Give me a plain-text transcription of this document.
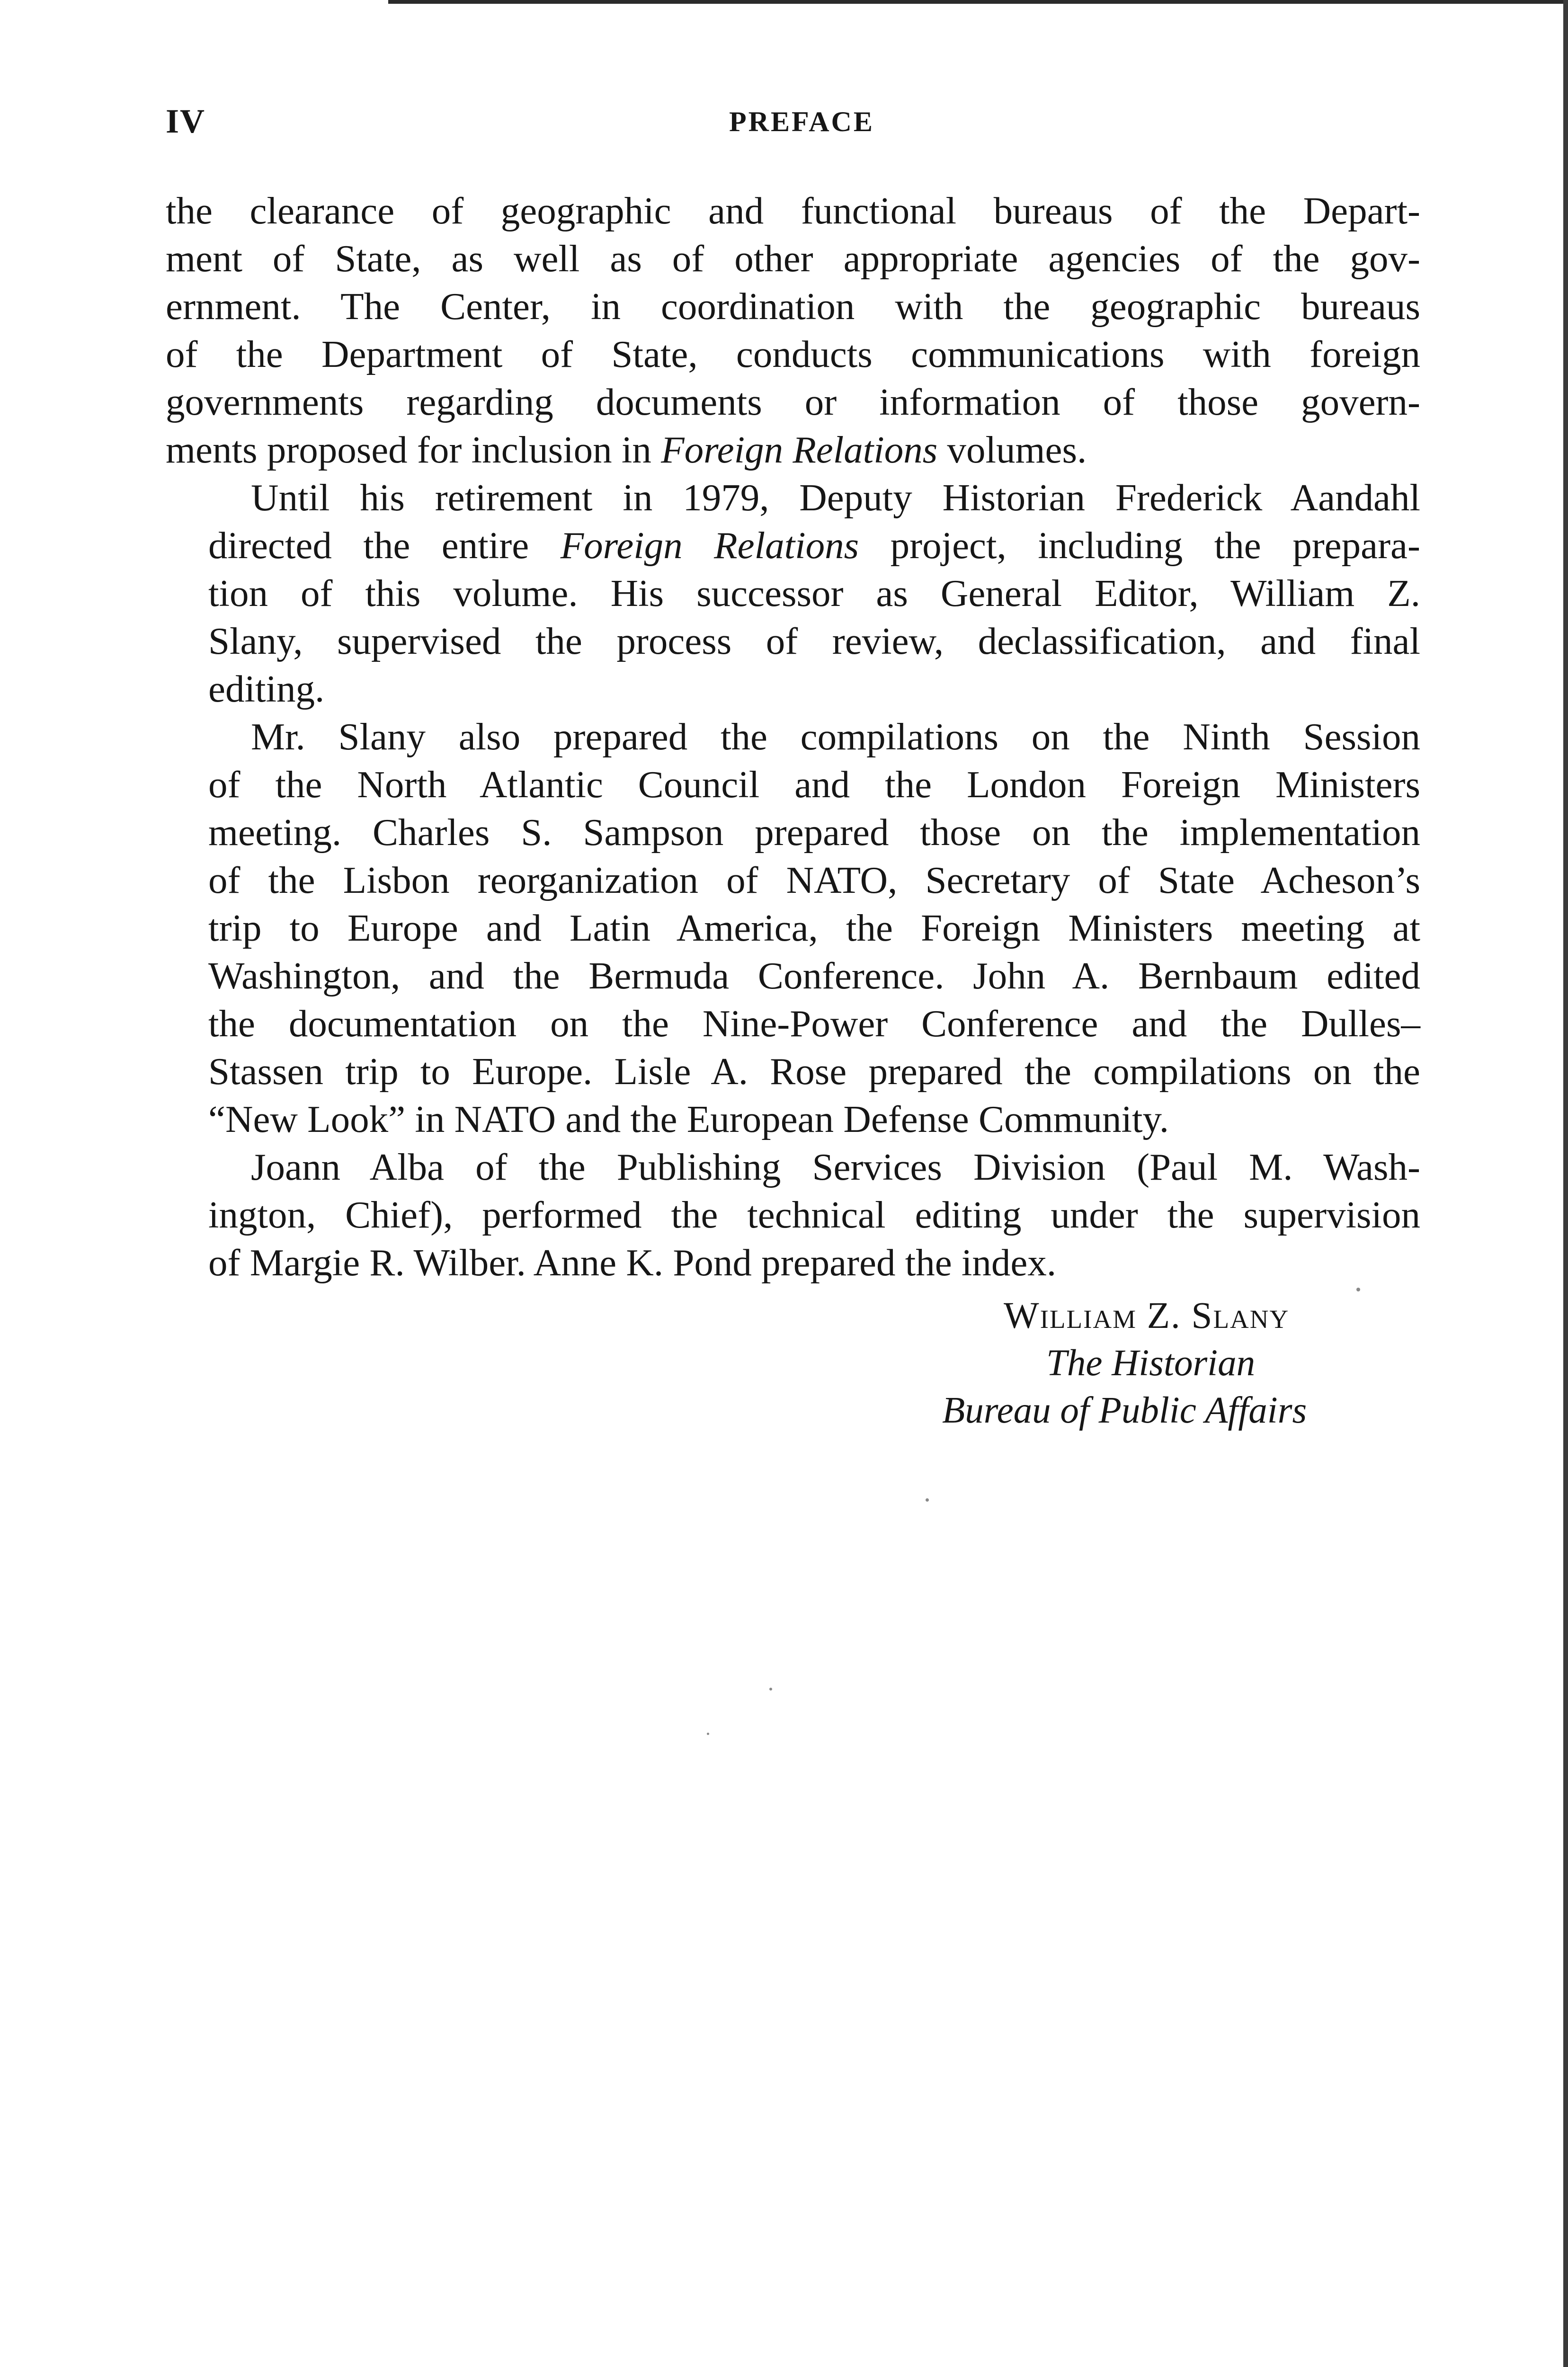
IV	PREFACE

the clearance of geographic and functional bureaus of the Depart-
ment of State, as well as of other appropriate agencies of the gov-
ernment. The Center, in coordination with the geographic bureaus
of the Department of State, conducts communications with foreign
governments regarding documents or information of those govern-
ments proposed for inclusion in Foreign Relations volumes.

Until his retirement in 1979, Deputy Historian Frederick Aandahl
directed the entire Foreign Relations project, including the prepara-
tion of this volume. His successor as General Editor, William Z.
Slany, supervised the process of review, declassification, and final
editing.

Mr. Slany also prepared the compilations on the Ninth Session
of the North Atlantic Council and the London Foreign Ministers
meeting. Charles S. Sampson prepared those on the implementation
of the Lisbon reorganization of NATO, Secretary of State Acheson’s
trip to Europe and Latin America, the Foreign Ministers meeting at
Washington, and the Bermuda Conference. John A. Bernbaum edited
the documentation on the Nine-Power Conference and the Dulles–
Stassen trip to Europe. Lisle A. Rose prepared the compilations on the
“New Look” in NATO and the European Defense Community.

Joann Alba of the Publishing Services Division (Paul M. Wash-
ington, Chief), performed the technical editing under the supervision
of Margie R. Wilber. Anne K. Pond prepared the index.

William Z. Slany
The Historian
Bureau of Public Affairs
